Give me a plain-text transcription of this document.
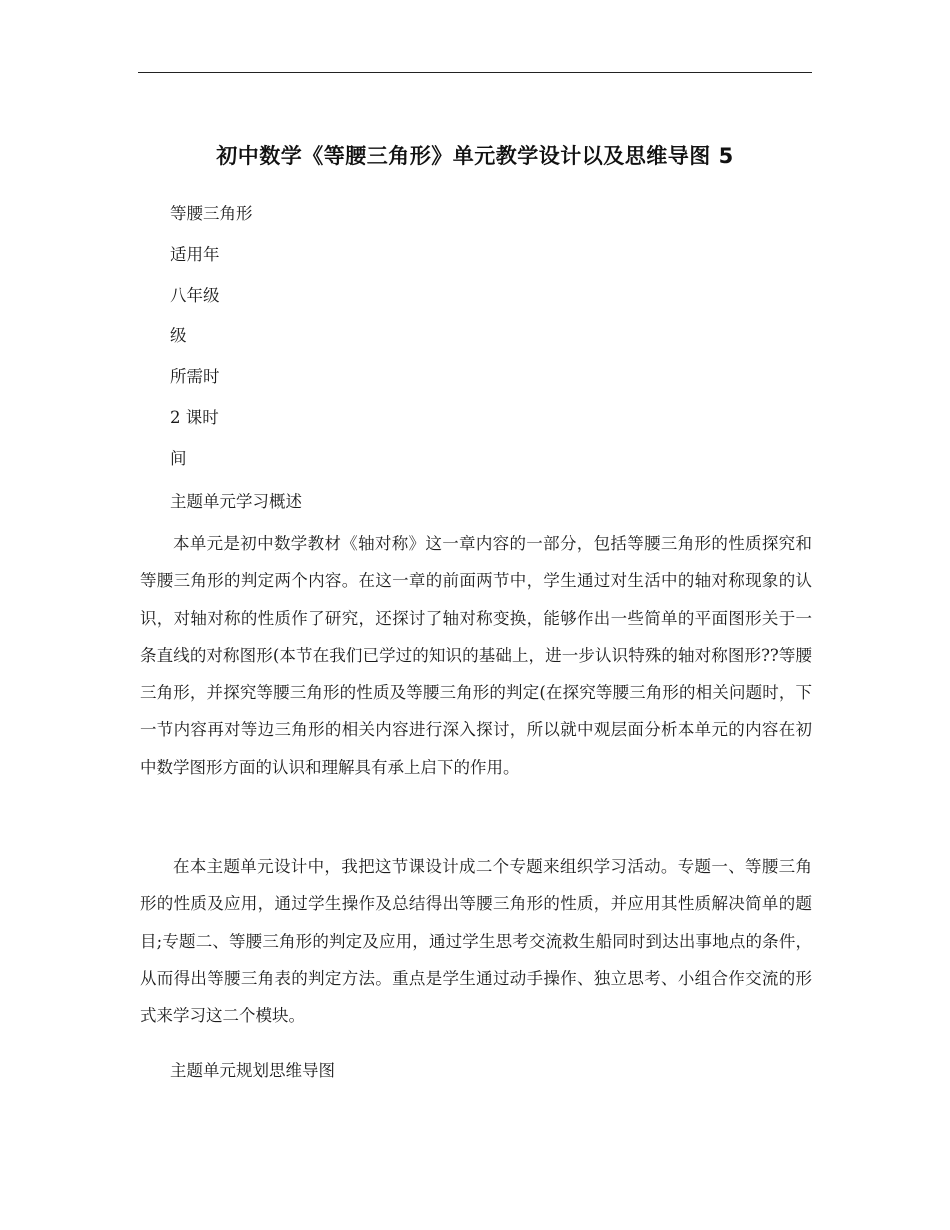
初中数学《等腰三角形》单元教学设计以及思维导图 5
等腰三角形
适用年
八年级
级
所需时
2 课时
间

主题单元学习概述

本单元是初中数学教材《轴对称》这一章内容的一部分，包括等腰三角形的性质探究和等腰三角形的判定两个内容。在这一章的前面两节中，学生通过对生活中的轴对称现象的认识，对轴对称的性质作了研究，还探讨了轴对称变换，能够作出一些简单的平面图形关于一条直线的对称图形(本节在我们已学过的知识的基础上，进一步认识特殊的轴对称图形??等腰三角形，并探究等腰三角形的性质及等腰三角形的判定(在探究等腰三角形的相关问题时，下一节内容再对等边三角形的相关内容进行深入探讨，所以就中观层面分析本单元的内容在初中数学图形方面的认识和理解具有承上启下的作用。

在本主题单元设计中，我把这节课设计成二个专题来组织学习活动。专题一、等腰三角形的性质及应用，通过学生操作及总结得出等腰三角形的性质，并应用其性质解决简单的题目;专题二、等腰三角形的判定及应用，通过学生思考交流救生船同时到达出事地点的条件，从而得出等腰三角表的判定方法。重点是学生通过动手操作、独立思考、小组合作交流的形式来学习这二个模块。

主题单元规划思维导图
